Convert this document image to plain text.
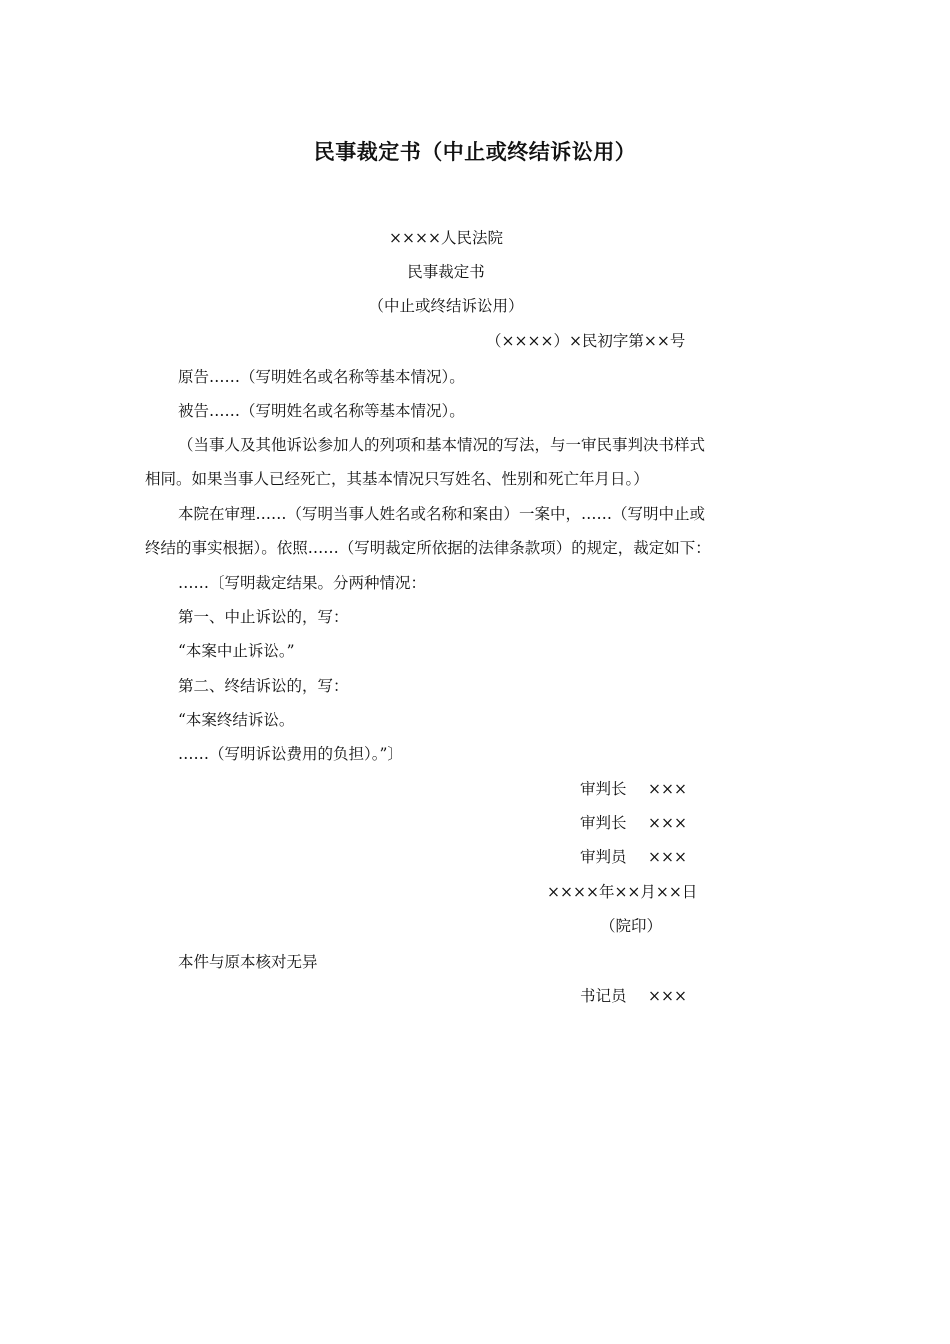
民事裁定书（中止或终结诉讼用）
××××人民法院
民事裁定书
（中止或终结诉讼用）
（××××）×民初字第××号
原告……（写明姓名或名称等基本情况）。
被告……（写明姓名或名称等基本情况）。
（当事人及其他诉讼参加人的列项和基本情况的写法，与一审民事判决书样式
相同。如果当事人已经死亡，其基本情况只写姓名、性别和死亡年月日。）
本院在审理……（写明当事人姓名或名称和案由）一案中，……（写明中止或
终结的事实根据）。依照……（写明裁定所依据的法律条款项）的规定，裁定如下：
……〔写明裁定结果。分两种情况：
第一、中止诉讼的，写：
“本案中止诉讼。”
第二、终结诉讼的，写：
“本案终结诉讼。
……（写明诉讼费用的负担）。”〕
审判长 ×××
审判长 ×××
审判员 ×××
××××年××月××日
（院印）
本件与原本核对无异
书记员 ×××
